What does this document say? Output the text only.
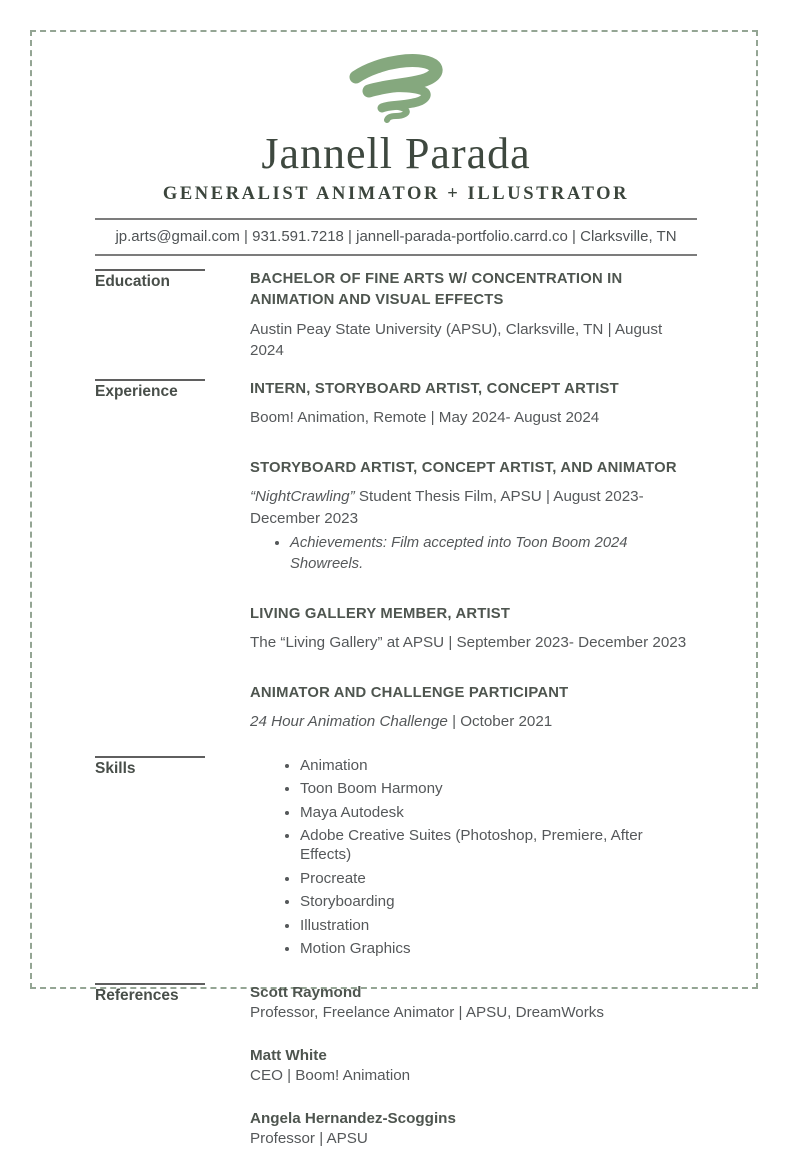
Jannell Parada
GENERALIST ANIMATOR + ILLUSTRATOR
jp.arts@gmail.com | 931.591.7218 | jannell-parada-portfolio.carrd.co | Clarksville, TN
Education	BACHELOR OF FINE ARTS W/ CONCENTRATION IN ANIMATION AND VISUAL EFFECTS

Austin Peay State University (APSU), Clarksville, TN | August 2024
Experience	INTERN, STORYBOARD ARTIST, CONCEPT ARTIST

Boom! Animation, Remote | May 2024- August 2024

STORYBOARD ARTIST, CONCEPT ARTIST, AND ANIMATOR

“NightCrawling” Student Thesis Film, APSU | August 2023- December 2023
• Achievements: Film accepted into Toon Boom 2024 Showreels.

LIVING GALLERY MEMBER, ARTIST

The “Living Gallery” at APSU | September 2023- December 2023

ANIMATOR AND CHALLENGE PARTICIPANT

24 Hour Animation Challenge | October 2021
Skills	• Animation
• Toon Boom Harmony
• Maya Autodesk
• Adobe Creative Suites (Photoshop, Premiere, After Effects)
• Procreate
• Storyboarding
• Illustration
• Motion Graphics
References	Scott Raymond
Professor, Freelance Animator | APSU, DreamWorks
Matt White
CEO | Boom! Animation
Angela Hernandez-Scoggins
Professor | APSU
